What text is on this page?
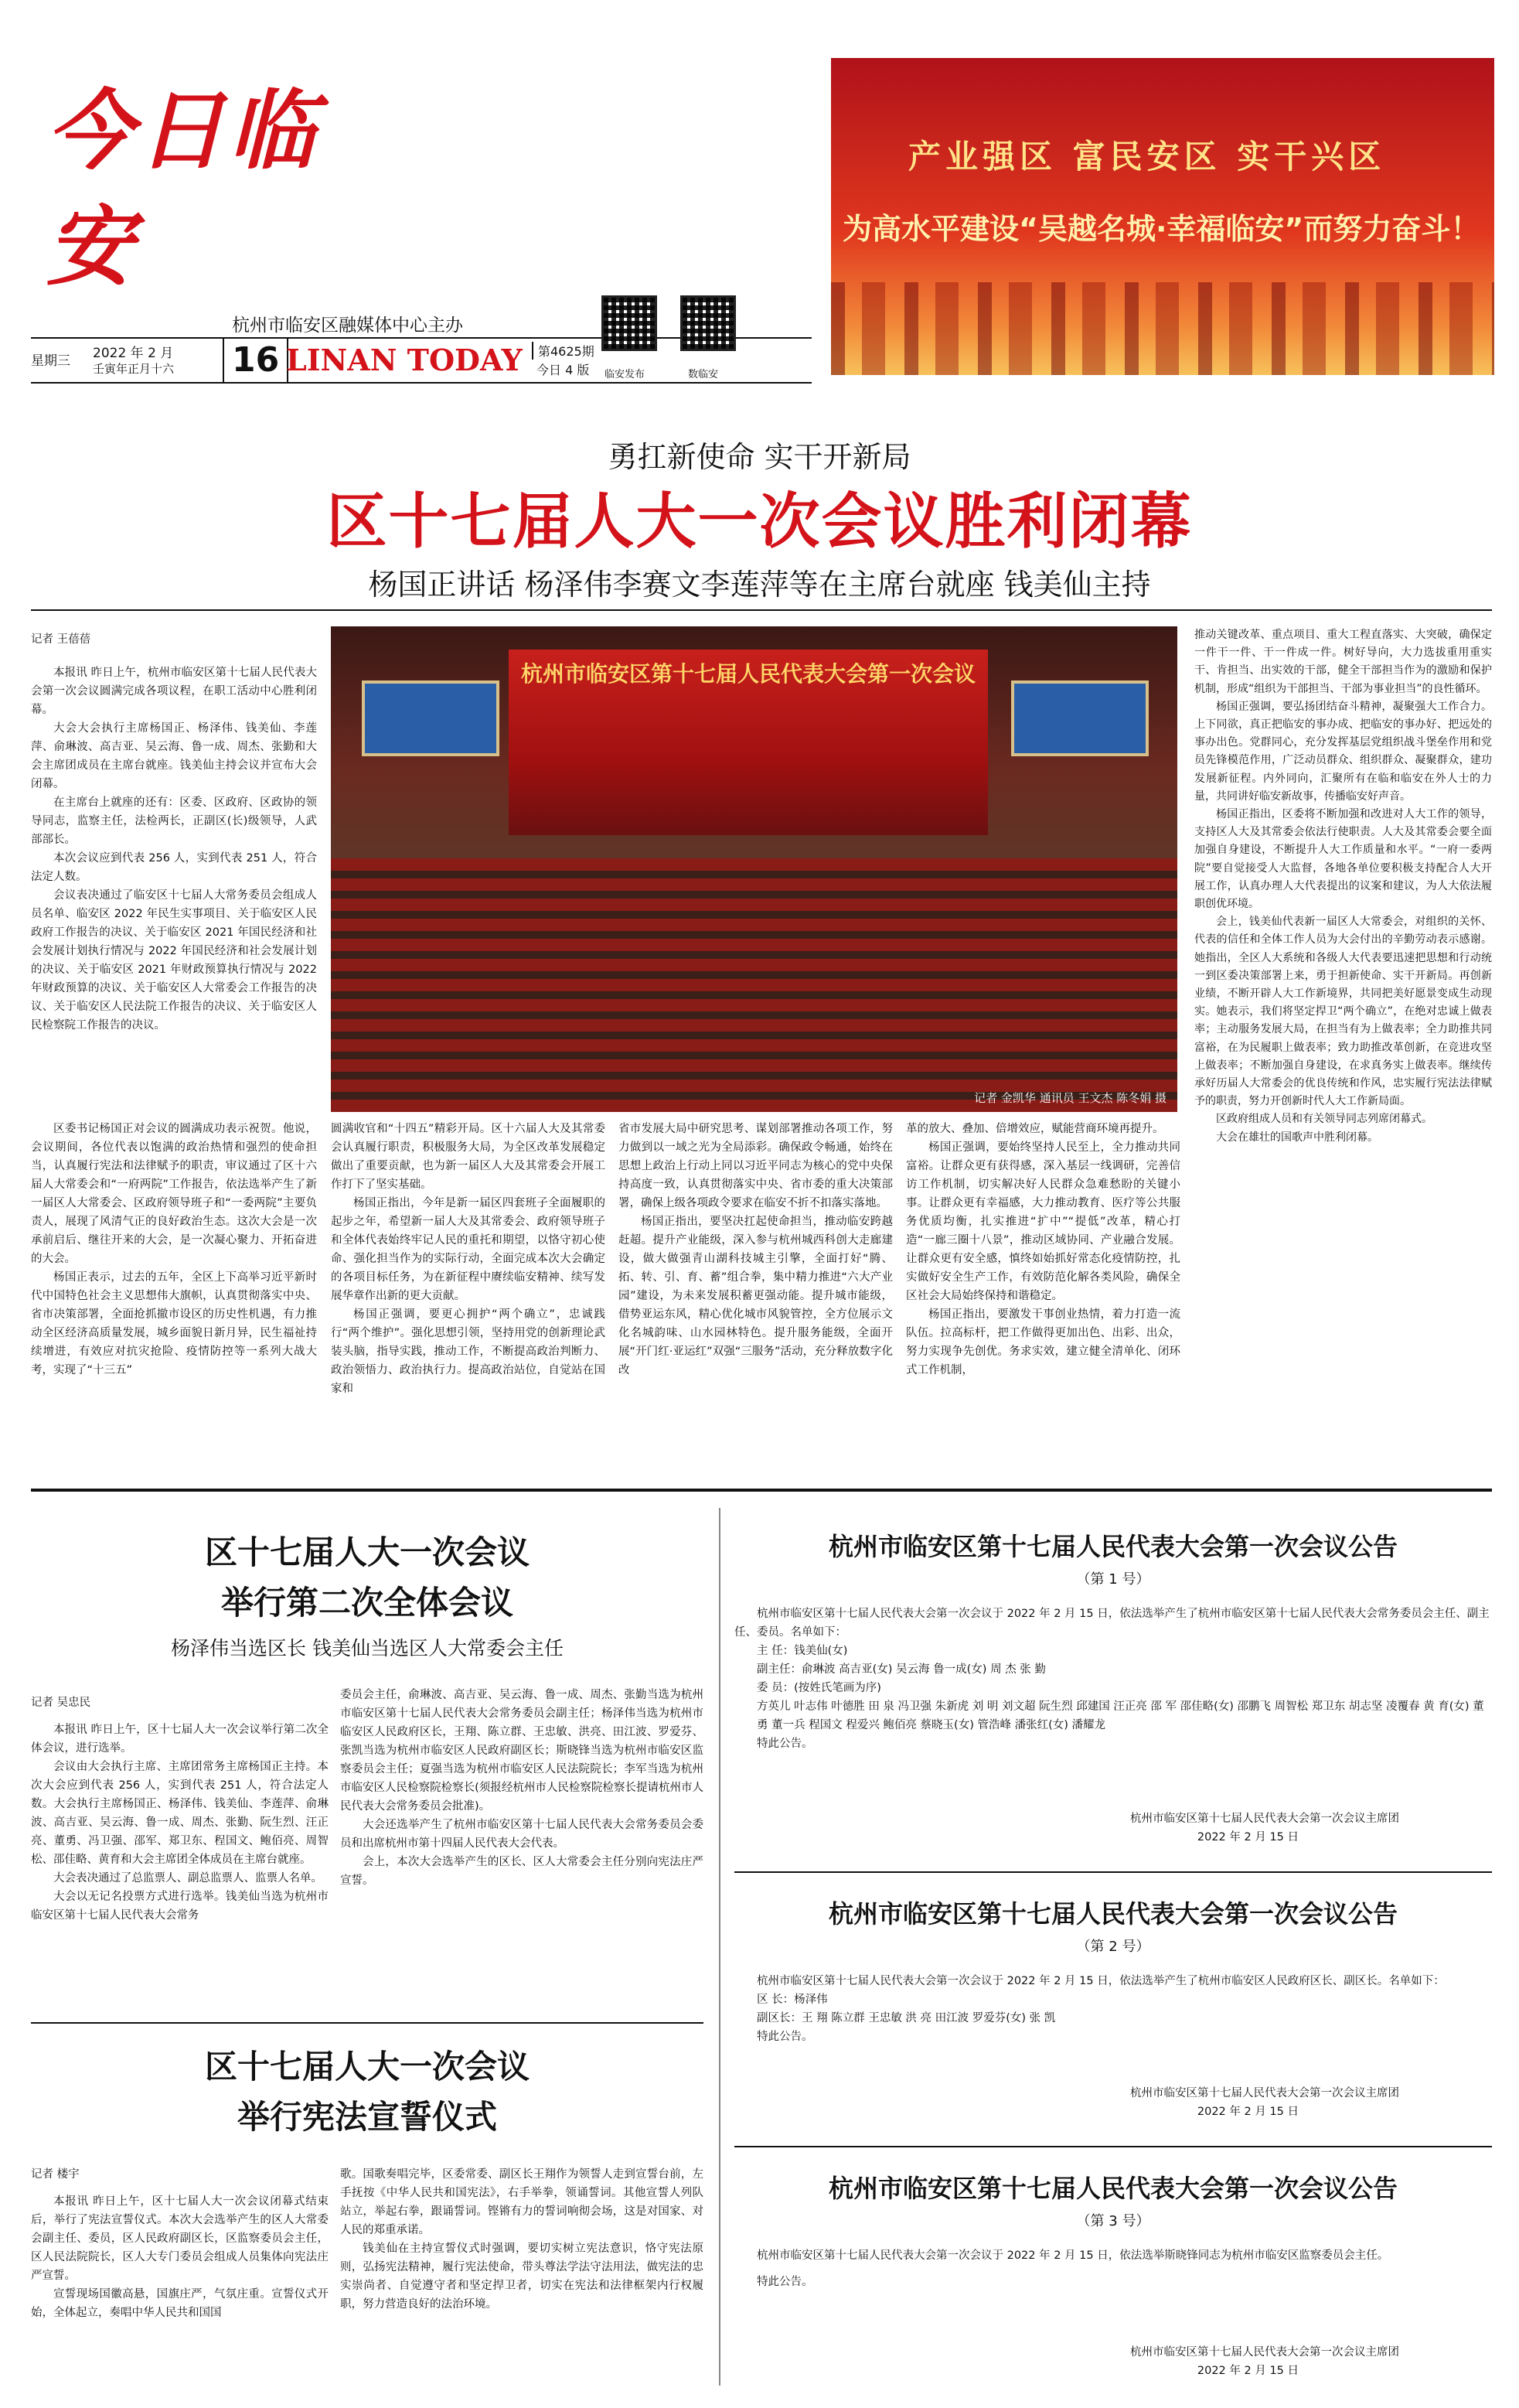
今日临安
杭州市临安区融媒体中心主办
星期三 2022 年 2 月
壬寅年正月十六 16 LINAN TODAY	第4625期
今日 4 版 临安发布	数临安
产业强区 富民安区 实干兴区
为高水平建设“吴越名城·幸福临安”而努力奋斗！
勇扛新使命 实干开新局
区十七届人大一次会议胜利闭幕
杨国正讲话 杨泽伟李赛文李莲萍等在主席台就座 钱美仙主持
记者 王蓓蓓

本报讯 昨日上午，杭州市临安区第十七届人民代表大会第一次会议圆满完成各项议程，在职工活动中心胜利闭幕。

大会大会执行主席杨国正、杨泽伟、钱美仙、李莲萍、俞琳波、高吉亚、吴云海、鲁一成、周杰、张勤和大会主席团成员在主席台就座。钱美仙主持会议并宣布大会闭幕。

在主席台上就座的还有：区委、区政府、区政协的领导同志，监察主任，法检两长，正副区(长)级领导，人武部部长。

本次会议应到代表 256 人，实到代表 251 人，符合法定人数。

会议表决通过了临安区十七届人大常务委员会组成人员名单、临安区 2022 年民生实事项目、关于临安区人民政府工作报告的决议、关于临安区 2021 年国民经济和社会发展计划执行情况与 2022 年国民经济和社会发展计划的决议、关于临安区 2021 年财政预算执行情况与 2022 年财政预算的决议、关于临安区人大常委会工作报告的决议、关于临安区人民法院工作报告的决议、关于临安区人民检察院工作报告的决议。

杭州市临安区第十七届人民代表大会第一次会议
记者 金凯华 通讯员 王文杰 陈冬娟 摄

区委书记杨国正对会议的圆满成功表示祝贺。他说，会议期间，各位代表以饱满的政治热情和强烈的使命担当，认真履行宪法和法律赋予的职责，审议通过了区十六届人大常委会和“一府两院”工作报告，依法选举产生了新一届区人大常委会、区政府领导班子和“一委两院”主要负责人，展现了风清气正的良好政治生态。这次大会是一次承前启后、继往开来的大会，是一次凝心聚力、开拓奋进的大会。

杨国正表示，过去的五年，全区上下高举习近平新时代中国特色社会主义思想伟大旗帜，认真贯彻落实中央、省市决策部署，全面抢抓撤市设区的历史性机遇，有力推动全区经济高质量发展，城乡面貌日新月异，民生福祉持续增进，有效应对抗灾抢险、疫情防控等一系列大战大考，实现了“十三五”

圆满收官和“十四五”精彩开局。区十六届人大及其常委会认真履行职责，积极服务大局，为全区改革发展稳定做出了重要贡献，也为新一届区人大及其常委会开展工作打下了坚实基础。

杨国正指出，今年是新一届区四套班子全面履职的起步之年，希望新一届人大及其常委会、政府领导班子和全体代表始终牢记人民的重托和期望，以恪守初心使命、强化担当作为的实际行动，全面完成本次大会确定的各项目标任务，为在新征程中赓续临安精神、续写发展华章作出新的更大贡献。

杨国正强调，要更心拥护“两个确立”，忠诚践行“两个维护”。强化思想引领，坚持用党的创新理论武装头脑，指导实践，推动工作，不断提高政治判断力、政治领悟力、政治执行力。提高政治站位，自觉站在国家和

省市发展大局中研究思考、谋划部署推动各项工作，努力做到以一域之光为全局添彩。确保政令畅通，始终在思想上政治上行动上同以习近平同志为核心的党中央保持高度一致，认真贯彻落实中央、省市委的重大决策部署，确保上级各项政令要求在临安不折不扣落实落地。

杨国正指出，要坚决扛起使命担当，推动临安跨越赶超。提升产业能级，深入参与杭州城西科创大走廊建设，做大做强青山湖科技城主引擎，全面打好“腾、拓、转、引、育、蓄”组合拳，集中精力推进“六大产业园”建设，为未来发展积蓄更强动能。提升城市能级，借势亚运东风，精心优化城市风貌管控，全方位展示文化名城韵味、山水园林特色。提升服务能级，全面开展“开门红·亚运红”双强“三服务”活动，充分释放数字化改

革的放大、叠加、倍增效应，赋能营商环境再提升。

杨国正强调，要始终坚持人民至上，全力推动共同富裕。让群众更有获得感，深入基层一线调研，完善信访工作机制，切实解决好人民群众急难愁盼的关键小事。让群众更有幸福感，大力推动教育、医疗等公共服务优质均衡，扎实推进“扩中”“提低”改革，精心打造“一廊三圈十八景”，推动区域协同、产业融合发展。让群众更有安全感，慎终如始抓好常态化疫情防控，扎实做好安全生产工作，有效防范化解各类风险，确保全区社会大局始终保持和谐稳定。

杨国正指出，要激发干事创业热情，着力打造一流队伍。拉高标杆，把工作做得更加出色、出彩、出众，努力实现争先创优。务求实效，建立健全清单化、闭环式工作机制，

推动关键改革、重点项目、重大工程直落实、大突破，确保定一件干一件、干一件成一件。树好导向，大力选拔重用重实干、肯担当、出实效的干部，健全干部担当作为的激励和保护机制，形成“组织为干部担当、干部为事业担当”的良性循环。

杨国正强调，要弘扬团结奋斗精神，凝聚强大工作合力。上下同欲，真正把临安的事办成、把临安的事办好、把远处的事办出色。党群同心，充分发挥基层党组织战斗堡垒作用和党员先锋模范作用，广泛动员群众、组织群众、凝聚群众，建功发展新征程。内外同向，汇聚所有在临和临安在外人士的力量，共同讲好临安新故事，传播临安好声音。

杨国正指出，区委将不断加强和改进对人大工作的领导，支持区人大及其常委会依法行使职责。人大及其常委会要全面加强自身建设，不断提升人大工作质量和水平。“一府一委两院”要自觉接受人大监督，各地各单位要积极支持配合人大开展工作，认真办理人大代表提出的议案和建议，为人大依法履职创优环境。

会上，钱美仙代表新一届区人大常委会，对组织的关怀、代表的信任和全体工作人员为大会付出的辛勤劳动表示感谢。她指出，全区人大系统和各级人大代表要迅速把思想和行动统一到区委决策部署上来，勇于担新使命、实干开新局。再创新业绩，不断开辟人大工作新境界，共同把美好愿景变成生动现实。她表示，我们将坚定捍卫“两个确立”，在绝对忠诚上做表率；主动服务发展大局，在担当有为上做表率；全力助推共同富裕，在为民履职上做表率；致力助推改革创新，在竞进攻坚上做表率；不断加强自身建设，在求真务实上做表率。继续传承好历届人大常委会的优良传统和作风，忠实履行宪法法律赋予的职责，努力开创新时代人大工作新局面。

区政府组成人员和有关领导同志列席闭幕式。

大会在雄壮的国歌声中胜利闭幕。

区十七届人大一次会议
举行第二次全体会议
杨泽伟当选区长 钱美仙当选区人大常委会主任
记者 吴忠民

本报讯 昨日上午，区十七届人大一次会议举行第二次全体会议，进行选举。

会议由大会执行主席、主席团常务主席杨国正主持。本次大会应到代表 256 人，实到代表 251 人，符合法定人数。大会执行主席杨国正、杨泽伟、钱美仙、李莲萍、俞琳波、高吉亚、吴云海、鲁一成、周杰、张勤、阮生烈、汪正亮、董勇、冯卫强、邵军、郑卫东、程国文、鲍佰亮、周智松、邵佳略、黄育和大会主席团全体成员在主席台就座。

大会表决通过了总监票人、副总监票人、监票人名单。

大会以无记名投票方式进行选举。钱美仙当选为杭州市临安区第十七届人民代表大会常务

委员会主任，俞琳波、高吉亚、吴云海、鲁一成、周杰、张勤当选为杭州市临安区第十七届人民代表大会常务委员会副主任；杨泽伟当选为杭州市临安区人民政府区长，王翔、陈立群、王忠敏、洪亮、田江波、罗爱芬、张凯当选为杭州市临安区人民政府副区长；斯晓锋当选为杭州市临安区监察委员会主任；夏强当选为杭州市临安区人民法院院长；李军当选为杭州市临安区人民检察院检察长(须报经杭州市人民检察院检察长提请杭州市人民代表大会常务委员会批准)。

大会还选举产生了杭州市临安区第十七届人民代表大会常务委员会委员和出席杭州市第十四届人民代表大会代表。

会上，本次大会选举产生的区长、区人大常委会主任分别向宪法庄严宣誓。

区十七届人大一次会议
举行宪法宣誓仪式
记者 楼宇

本报讯 昨日上午，区十七届人大一次会议闭幕式结束后，举行了宪法宣誓仪式。本次大会选举产生的区人大常委会副主任、委员，区人民政府副区长，区监察委员会主任，区人民法院院长，区人大专门委员会组成人员集体向宪法庄严宣誓。

宣誓现场国徽高悬，国旗庄严，气氛庄重。宣誓仪式开始，全体起立，奏唱中华人民共和国国

歌。国歌奏唱完毕，区委常委、副区长王翔作为领誓人走到宣誓台前，左手抚按《中华人民共和国宪法》，右手举拳，领诵誓词。其他宣誓人列队站立，举起右拳，跟诵誓词。铿锵有力的誓词响彻会场，这是对国家、对人民的郑重承诺。

钱美仙在主持宣誓仪式时强调，要切实树立宪法意识，恪守宪法原则，弘扬宪法精神，履行宪法使命，带头尊法学法守法用法，做宪法的忠实崇尚者、自觉遵守者和坚定捍卫者，切实在宪法和法律框架内行权履职，努力营造良好的法治环境。

杭州市临安区第十七届人民代表大会第一次会议公告
（第 1 号）
杭州市临安区第十七届人民代表大会第一次会议于 2022 年 2 月 15 日，依法选举产生了杭州市临安区第十七届人民代表大会常务委员会主任、副主任、委员。名单如下：
主 任：钱美仙(女)
副主任：俞琳波 高吉亚(女) 吴云海 鲁一成(女) 周 杰 张 勤
委 员：(按姓氏笔画为序)
方英儿 叶志伟 叶德胜 田 泉 冯卫强 朱新虎 刘 明 刘文超 阮生烈 邱建国 汪正亮 邵 军 邵佳略(女) 邵鹏飞 周智松 郑卫东 胡志坚 凌覆春 黄 育(女) 董 勇 董一兵 程国文 程爱兴 鲍佰亮 蔡晓玉(女) 管浩峰 潘张红(女) 潘耀龙
特此公告。
杭州市临安区第十七届人民代表大会第一次会议主席团
2022 年 2 月 15 日
杭州市临安区第十七届人民代表大会第一次会议公告
（第 2 号）
杭州市临安区第十七届人民代表大会第一次会议于 2022 年 2 月 15 日，依法选举产生了杭州市临安区人民政府区长、副区长。名单如下：
区 长：杨泽伟
副区长：王 翔 陈立群 王忠敏 洪 亮 田江波 罗爱芬(女) 张 凯
特此公告。
杭州市临安区第十七届人民代表大会第一次会议主席团
2022 年 2 月 15 日
杭州市临安区第十七届人民代表大会第一次会议公告
（第 3 号）
杭州市临安区第十七届人民代表大会第一次会议于 2022 年 2 月 15 日，依法选举斯晓锋同志为杭州市临安区监察委员会主任。
特此公告。
杭州市临安区第十七届人民代表大会第一次会议主席团
2022 年 2 月 15 日
